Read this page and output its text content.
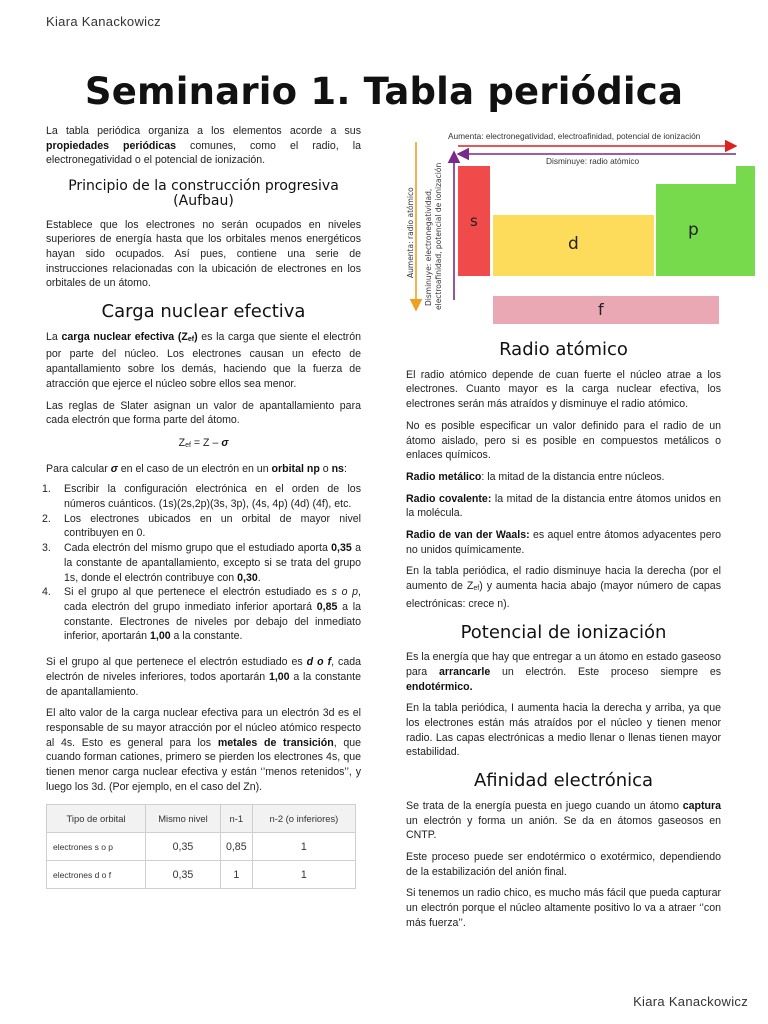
Kiara Kanackowicz
Seminario 1. Tabla periódica

La tabla periódica organiza a los elementos acorde a sus propiedades periódicas comunes, como el radio, la electronegatividad o el potencial de ionización.

Principio de la construcción progresiva (Aufbau)

Establece que los electrones no serán ocupados en niveles superiores de energía hasta que los orbitales menos energéticos hayan sido ocupados. Así pues, contiene una serie de instrucciones relacionadas con la ubicación de electrones en los orbitales de un átomo.

Carga nuclear efectiva

La carga nuclear efectiva $(Z_{ef})$ es la carga que siente el electrón por parte del núcleo. Los electrones causan un efecto de apantallamiento sobre los demás, haciendo que la fuerza de atracción que ejerce el núcleo sobre ellos sea menor.

Las reglas de Slater asignan un valor de apantallamiento para cada electrón que forma parte del átomo.

$Z_{ef} = Z - \sigma$

Para calcular σ en el caso de un electrón en un orbital np o ns:

1. Escribir la configuración electrónica en el orden de los números cuánticos. (1s)(2s,2p)(3s, 3p), (4s, 4p) (4d) (4f), etc.
2. Los electrones ubicados en un orbital de mayor nivel contribuyen en 0.
3. Cada electrón del mismo grupo que el estudiado aporta 0,35 a la constante de apantallamiento, excepto si se trata del grupo 1s, donde el electrón contribuye con 0,30.
4. Si el grupo al que pertenece el electrón estudiado es s o p, cada electrón del grupo inmediato inferior aportará 0,85 a la constante. Electrones de niveles por debajo del inmediato inferior, aportarán 1,00 a la constante.

Si el grupo al que pertenece el electrón estudiado es d o f, cada electrón de niveles inferiores, todos aportarán 1,00 a la constante de apantallamiento.

El alto valor de la carga nuclear efectiva para un electrón 3d es el responsable de su mayor atracción por el núcleo atómico respecto al 4s. Esto es general para los metales de transición, que cuando forman cationes, primero se pierden los electrones 4s, que tienen menor carga nuclear efectiva y están ‘’menos retenidos’’, y luego los 3d. (Por ejemplo, en el caso del Zn).

Tipo de orbital	Mismo nivel	n-1	n-2 (o inferiores)
electrones s o p	0,35	0,85	1
electrones d o f	0,35	1	1
s
d
p
f
Aumenta: radio atómico Disminuye: electronegatividad, electroafinidad, potencial de ionización
Aumenta: electronegatividad, electroafinidad, potencial de ionización
Disminuye: radio atómico
Radio atómico

El radio atómico depende de cuan fuerte el núcleo atrae a los electrones. Cuanto mayor es la carga nuclear efectiva, los electrones serán más atraídos y disminuye el radio atómico.

No es posible especificar un valor definido para el radio de un átomo aislado, pero si es posible en compuestos metálicos o enlaces químicos.

Radio metálico: la mitad de la distancia entre núcleos.

Radio covalente: la mitad de la distancia entre átomos unidos en la molécula.

Radio de van der Waals: es aquel entre átomos adyacentes pero no unidos químicamente.

En la tabla periódica, el radio disminuye hacia la derecha (por el aumento de $Z_{ef}$) y aumenta hacia abajo (mayor número de capas electrónicas: crece n).

Potencial de ionización

Es la energía que hay que entregar a un átomo en estado gaseoso para arrancarle un electrón. Este proceso siempre es endotérmico.

En la tabla periódica, I aumenta hacia la derecha y arriba, ya que los electrones están más atraídos por el núcleo y tienen menor radio. Las capas electrónicas a medio llenar o llenas tienen mayor estabilidad.

Afinidad electrónica

Se trata de la energía puesta en juego cuando un átomo captura un electrón y forma un anión. Se da en átomos gaseosos en CNTP.

Este proceso puede ser endotérmico o exotérmico, dependiendo de la estabilización del anión final.

Si tenemos un radio chico, es mucho más fácil que pueda capturar un electrón porque el núcleo altamente positivo lo va a atraer ‘’con más fuerza’’.

Kiara Kanackowicz
